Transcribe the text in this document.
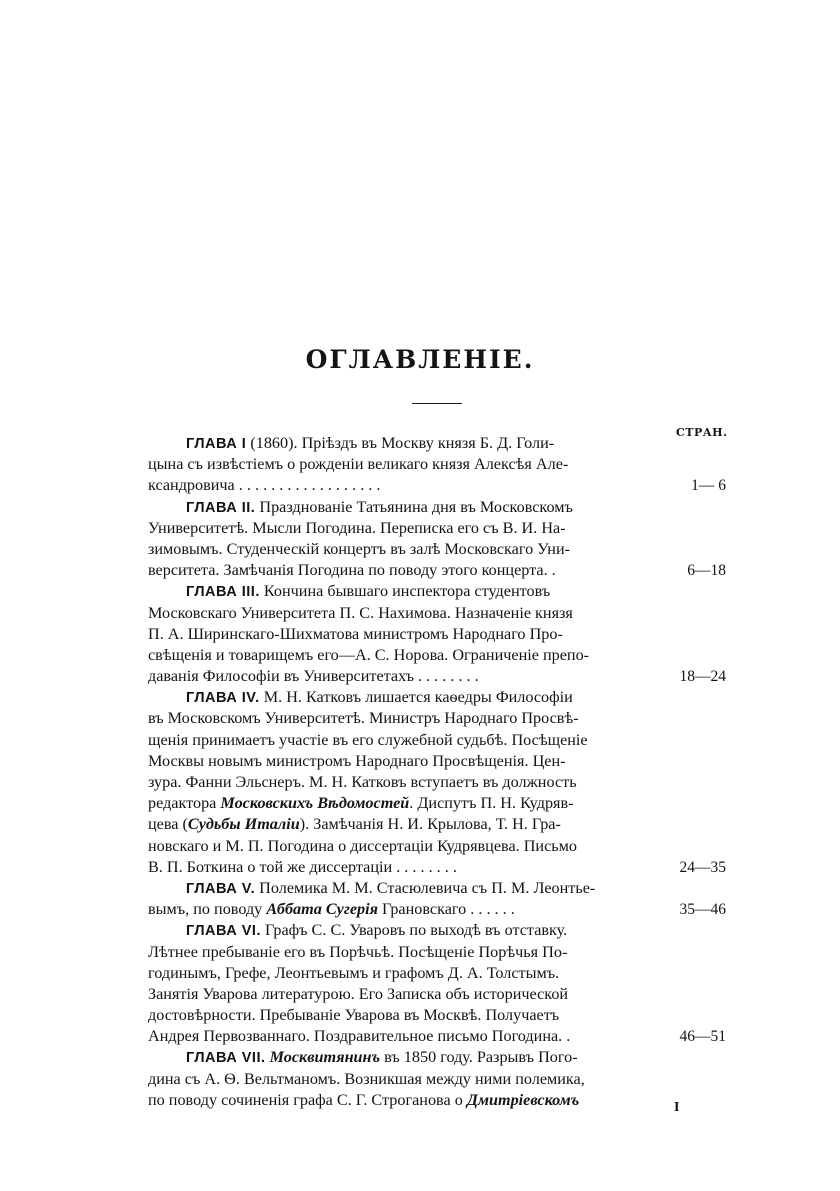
ОГЛАВЛЕНІЕ.
СТРАН.
ГЛАВА I (1860). Пріѣздъ въ Москву князя Б. Д. Голи-
цына съ извѣстіемъ о рожденіи великаго князя Алексѣя Але-
ксандровича . . . . . . . . . . . . . . . . . .	1— 6
ГЛАВА II. Празднованіе Татьянина дня въ Московскомъ
Университетѣ. Мысли Погодина. Переписка его съ В. И. На-
зимовымъ. Студенческій концертъ въ залѣ Московскаго Уни-
верситета. Замѣчанія Погодина по поводу этого концерта. .	6—18
ГЛАВА III. Кончина бывшаго инспектора студентовъ
Московскаго Университета П. С. Нахимова. Назначеніе князя
П. А. Ширинскаго-Шихматова министромъ Народнаго Про-
свѣщенія и товарищемъ его—А. С. Норова. Ограниченіе препо-
даванія Философіи въ Университетахъ . . . . . . . .	18—24
ГЛАВА IV. М. Н. Катковъ лишается каѳедры Философіи
въ Московскомъ Университетѣ. Министръ Народнаго Просвѣ-
щенія принимаетъ участіе въ его служебной судьбѣ. Посѣщеніе
Москвы новымъ министромъ Народнаго Просвѣщенія. Цен-
зура. Фанни Эльснеръ. М. Н. Катковъ вступаетъ въ должность
редактора Московскихъ Вѣдомостей. Диспутъ П. Н. Кудряв-
цева (Судьбы Италіи). Замѣчанія Н. И. Крылова, Т. Н. Гра-
новскаго и М. П. Погодина о диссертаціи Кудрявцева. Письмо
В. П. Боткина о той же диссертаціи . . . . . . . .	24—35
ГЛАВА V. Полемика М. М. Стасюлевича съ П. М. Леонтье-
вымъ, по поводу Аббата Сугерія Грановскаго . . . . . .	35—46
ГЛАВА VI. Графъ С. С. Уваровъ по выходѣ въ отставку.
Лѣтнее пребываніе его въ Порѣчьѣ. Посѣщеніе Порѣчья По-
годинымъ, Грефе, Леонтьевымъ и графомъ Д. А. Толстымъ.
Занятія Уварова литературою. Его Записка объ исторической
достовѣрности. Пребываніе Уварова въ Москвѣ. Получаетъ
Андрея Первозваннаго. Поздравительное письмо Погодина. .	46—51
ГЛАВА VII. Москвитянинъ въ 1850 году. Разрывъ Пого-
дина съ А. Ѳ. Вельтманомъ. Возникшая между ними полемика,
по поводу сочиненія графа С. Г. Строганова о Дмитріевскомъ	I
